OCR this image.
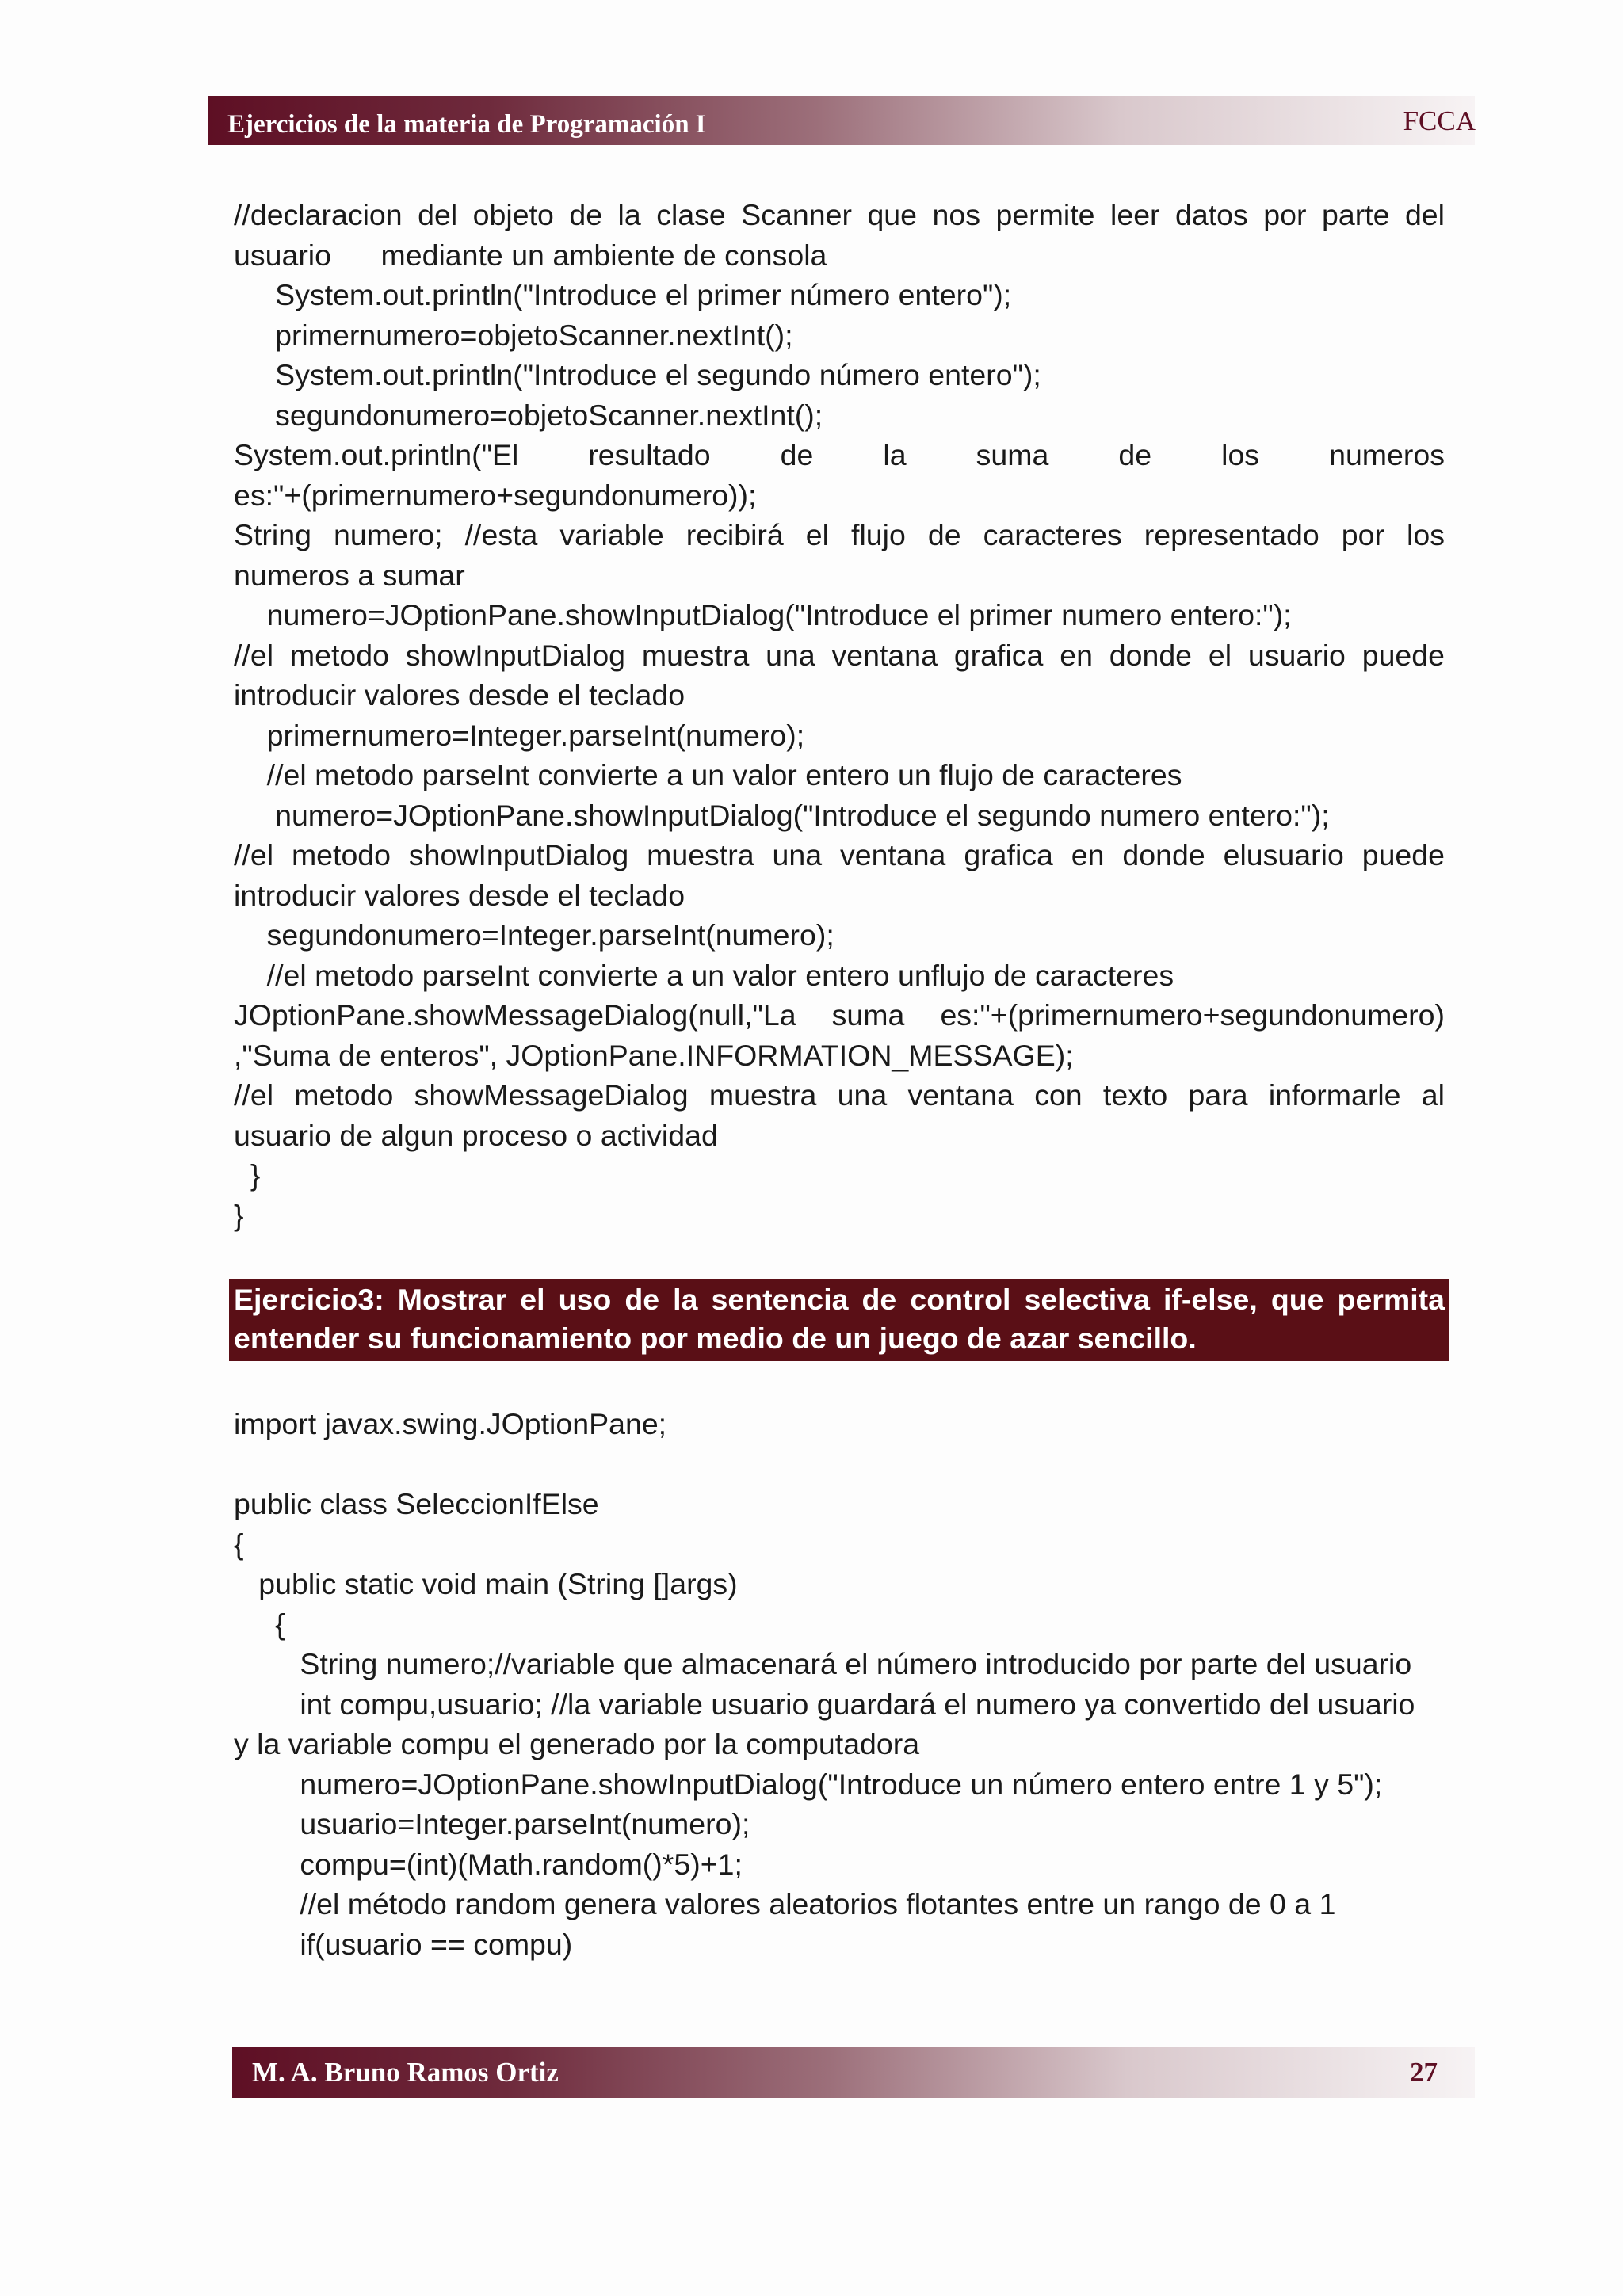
Ejercicios de la materia de Programación I	FCCA
//declaracion del objeto de la clase Scanner que nos permite leer datos por parte del
usuario      mediante un ambiente de consola
System.out.println("Introduce el primer número entero");
primernumero=objetoScanner.nextInt();
System.out.println("Introduce el segundo número entero");
segundonumero=objetoScanner.nextInt();
System.out.println("El resultado de la suma de los numeros
es:"+(primernumero+segundonumero));
String numero; //esta variable recibirá el flujo de caracteres representado por los
numeros a sumar
numero=JOptionPane.showInputDialog("Introduce el primer numero entero:");
//el metodo showInputDialog muestra una ventana grafica en donde el usuario puede
introducir valores desde el teclado
primernumero=Integer.parseInt(numero);
//el metodo parseInt convierte a un valor entero un flujo de caracteres
numero=JOptionPane.showInputDialog("Introduce el segundo numero entero:");
//el metodo showInputDialog muestra una ventana grafica en donde elusuario puede
introducir valores desde el teclado
segundonumero=Integer.parseInt(numero);
//el metodo parseInt convierte a un valor entero unflujo de caracteres
JOptionPane.showMessageDialog(null,"La suma es:"+(primernumero+segundonumero)
,"Suma de enteros", JOptionPane.INFORMATION_MESSAGE);
//el metodo showMessageDialog muestra una ventana con texto para informarle al
usuario de algun proceso o actividad
}
}
Ejercicio3: Mostrar el uso de la sentencia de control selectiva if-else, que permita
entender su funcionamiento por medio de un juego de azar sencillo.
import javax.swing.JOptionPane;
public class SeleccionIfElse
{
public static void main (String []args)
{
String numero;//variable que almacenará el número introducido por parte del usuario
int compu,usuario; //la variable usuario guardará el numero ya convertido del usuario
y la variable compu el generado por la computadora
numero=JOptionPane.showInputDialog("Introduce un número entero entre 1 y 5");
usuario=Integer.parseInt(numero);
compu=(int)(Math.random()*5)+1;
//el método random genera valores aleatorios flotantes entre un rango de 0 a 1
if(usuario == compu)
M. A. Bruno Ramos Ortiz	27
